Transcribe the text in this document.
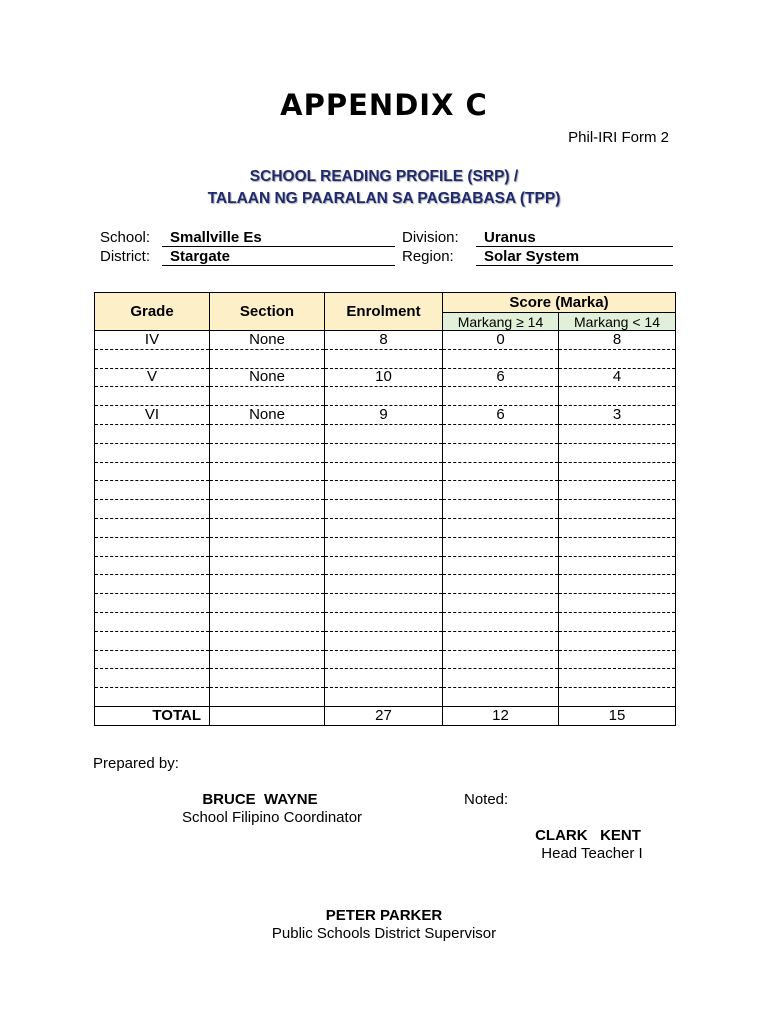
APPENDIX C
Phil-IRI Form 2
SCHOOL READING PROFILE (SRP) /
TALAAN NG PAARALAN SA PAGBABASA (TPP)
School:	Smallville Es
District:	Stargate
Division:	Uranus
Region:	Solar System
Grade	Section	Enrolment	Score (Marka)	
			Markang ≥ 14	Markang < 14
IV	None	8	0	8

V	None	10	6	4

VI	None	9	6	3

TOTAL		27	12	15
Prepared by:
BRUCE  WAYNE
School Filipino Coordinator
Noted:
CLARK   KENT
Head Teacher I
PETER PARKER
Public Schools District Supervisor
